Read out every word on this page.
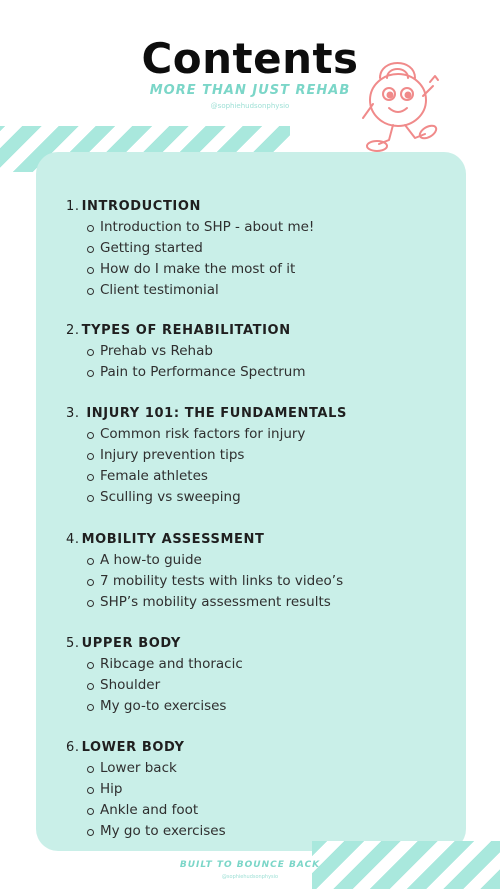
Contents
MORE THAN JUST REHAB
@sophiehudsonphysio
1. INTRODUCTION
Introduction to SHP - about me!
Getting started
How do I make the most of it
Client testimonial
2. TYPES OF REHABILITATION
Prehab vs Rehab
Pain to Performance Spectrum
3. INJURY 101: THE FUNDAMENTALS
Common risk factors for injury
Injury prevention tips
Female athletes
Sculling vs sweeping
4. MOBILITY ASSESSMENT
A how-to guide
7 mobility tests with links to video’s
SHP’s mobility assessment results
5. UPPER BODY
Ribcage and thoracic
Shoulder
My go-to exercises
6. LOWER BODY
Lower back
Hip
Ankle and foot
My go to exercises
BUILT TO BOUNCE BACK
@sophiehudsonphysio
